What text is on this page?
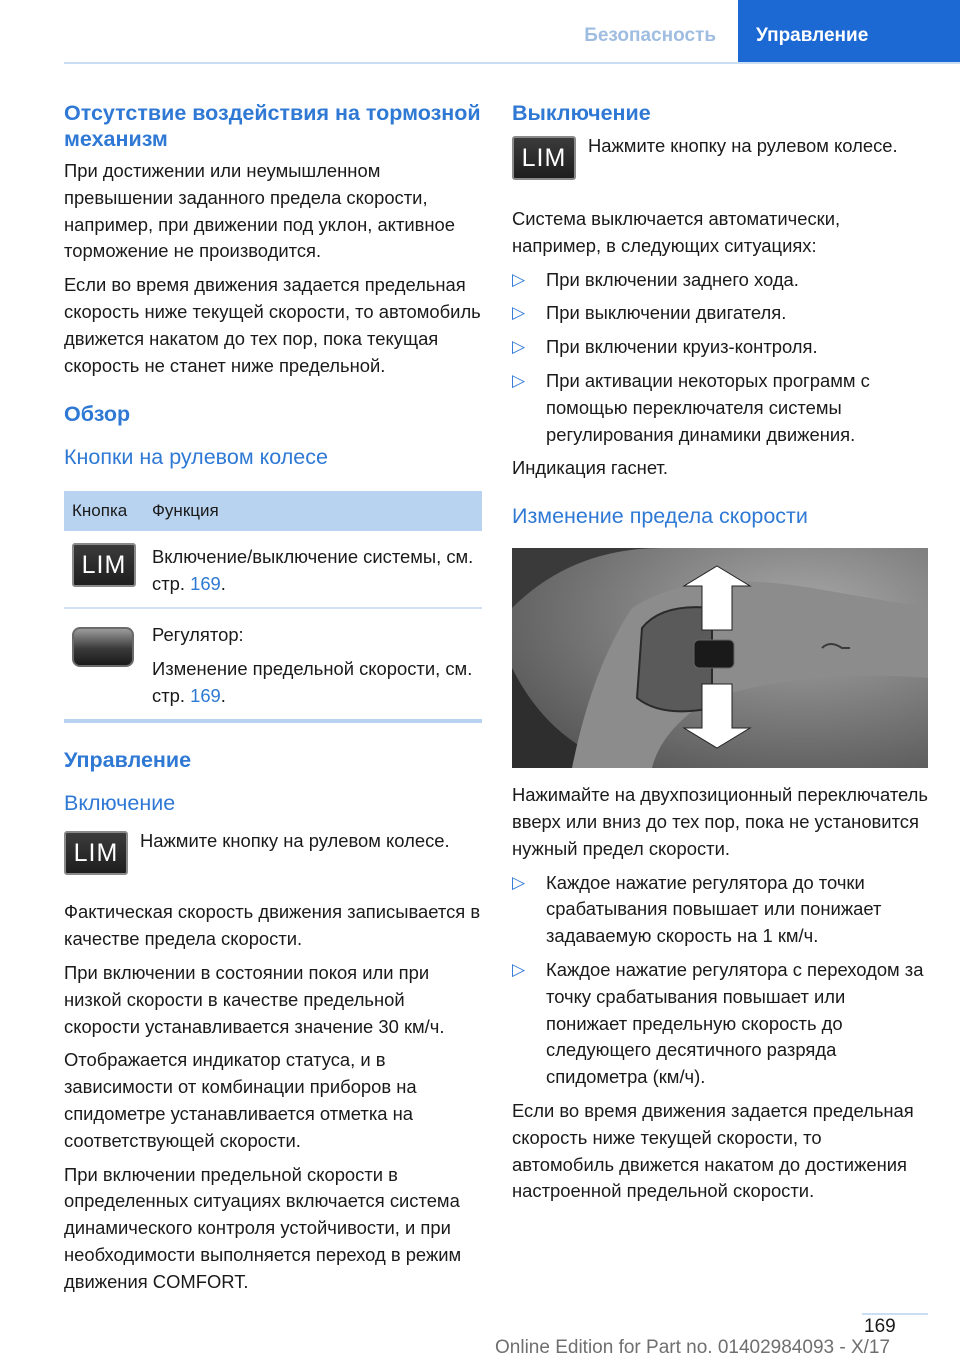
Безопасность	Управление
Отсутствие воздействия на тормозной механизм

При достижении или неумышленном превышении заданного предела скорости, например, при движении под уклон, активное торможение не производится.

Если во время движения задается предельная скорость ниже текущей скорости, то автомобиль движется накатом до тех пор, пока текущая скорость не станет ниже предельной.

Обзор
Кнопки на рулевом колесе
Кнопка	Функция
LIM	Включение/выключение системы, см. стр. 169.

	Регулятор:
Изменение предельной скорости, см. стр. 169.
Управление
Включение
LIM	Нажмите кнопку на рулевом колесе.

Фактическая скорость движения записывается в качестве предела скорости.

При включении в состоянии покоя или при низкой скорости в качестве предельной скорости устанавливается значение 30 км/ч.

Отображается индикатор статуса, и в зависимости от комбинации приборов на спидометре устанавливается отметка на соответствующей скорости.

При включении предельной скорости в определенных ситуациях включается система динамического контроля устойчивости, и при необходимости выполняется переход в режим движения COMFORT.

Выключение
LIM	Нажмите кнопку на рулевом колесе.

Система выключается автоматически, например, в следующих ситуациях:

▷ При включении заднего хода.
▷ При выключении двигателя.
▷ При включении круиз-контроля.
▷ При активации некоторых программ с помощью переключателя системы регулирования динамики движения.

Индикация гаснет.

Изменение предела скорости

Нажимайте на двухпозиционный переключатель вверх или вниз до тех пор, пока не установится нужный предел скорости.

▷ Каждое нажатие регулятора до точки срабатывания повышает или понижает задаваемую скорость на 1 км/ч.
▷ Каждое нажатие регулятора с переходом за точку срабатывания повышает или понижает предельную скорость до следующего десятичного разряда спидометра (км/ч).

Если во время движения задается предельная скорость ниже текущей скорости, то автомобиль движется накатом до достижения настроенной предельной скорости.

169
Online Edition for Part no. 01402984093 - X/17
